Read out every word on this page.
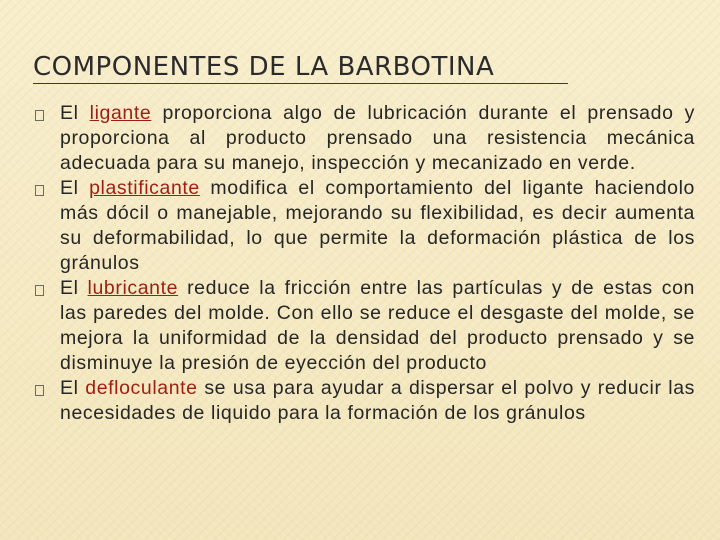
COMPONENTES DE LA BARBOTINA
El ligante proporciona algo de lubricación durante el prensado y proporciona al producto prensado una resistencia mecánica adecuada para su manejo, inspección y mecanizado en verde.
El plastificante modifica el comportamiento del ligante haciendolo más dócil o manejable, mejorando su flexibilidad, es decir aumenta su deformabilidad, lo que permite la deformación plástica de los gránulos
El lubricante reduce la fricción entre las partículas y de estas con las paredes del molde. Con ello se reduce el desgaste del molde, se mejora la uniformidad de la densidad del producto prensado y se disminuye la presión de eyección del producto
El defloculante se usa para ayudar a dispersar el polvo y reducir las necesidades de liquido para la formación de los gránulos
